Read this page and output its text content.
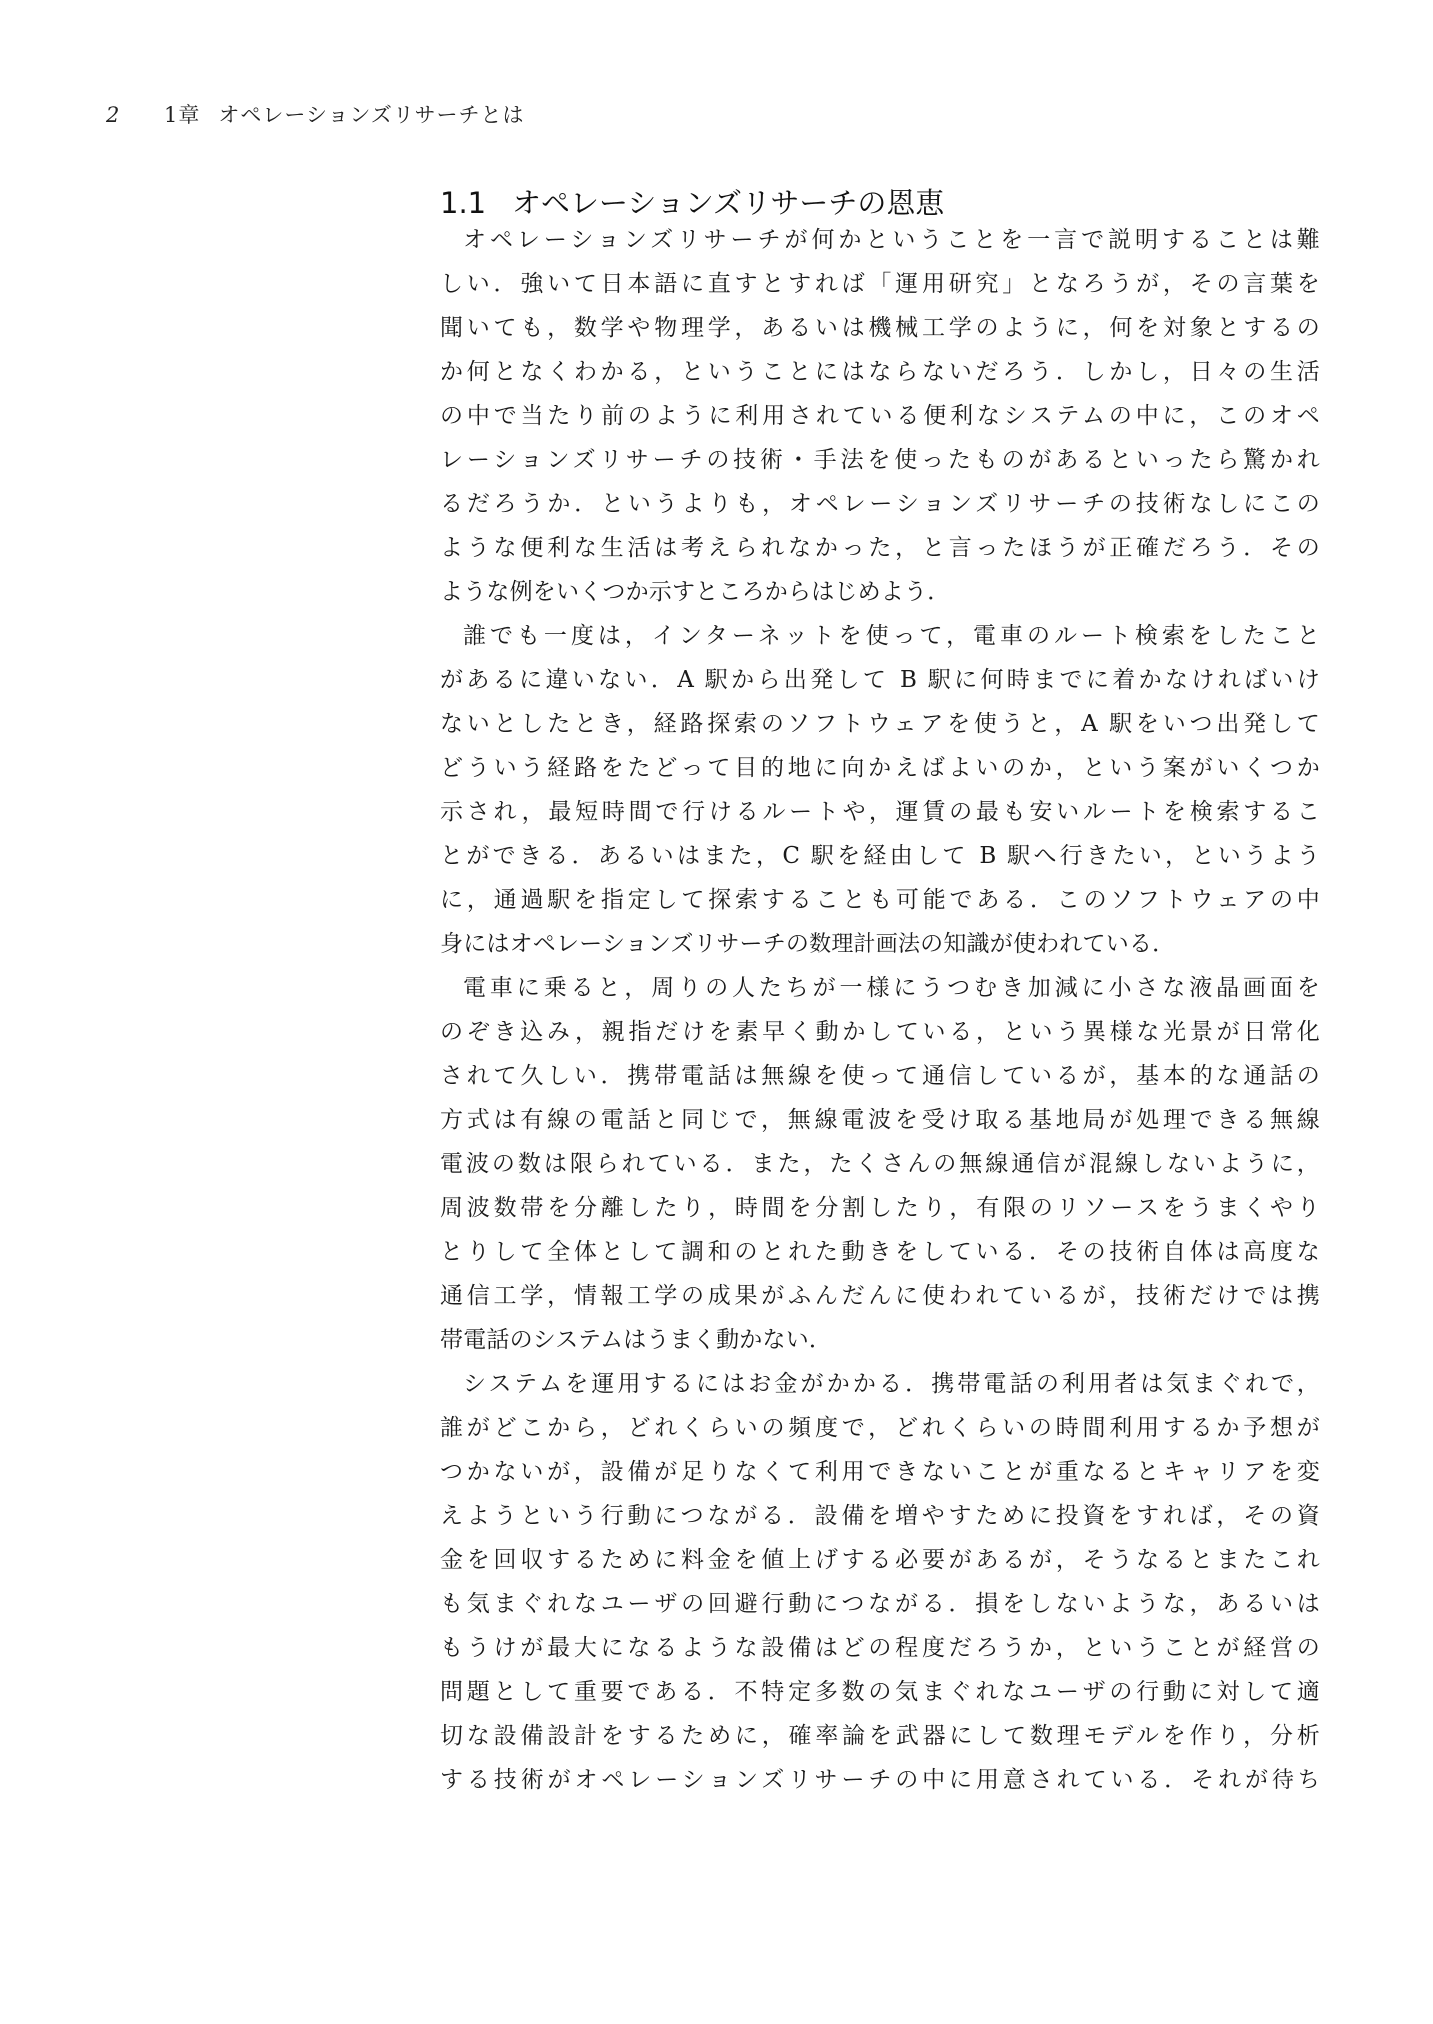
2 1章 オペレーションズリサーチとは
1.1 オペレーションズリサーチの恩恵
オペレーションズリサーチが何かということを一言で説明することは難
しい．強いて日本語に直すとすれば「運用研究」となろうが，その言葉を
聞いても，数学や物理学，あるいは機械工学のように，何を対象とするの
か何となくわかる，ということにはならないだろう．しかし，日々の生活
の中で当たり前のように利用されている便利なシステムの中に，このオペ
レーションズリサーチの技術・手法を使ったものがあるといったら驚かれ
るだろうか．というよりも，オペレーションズリサーチの技術なしにこの
ような便利な生活は考えられなかった，と言ったほうが正確だろう．その
ような例をいくつか示すところからはじめよう．
誰でも一度は，インターネットを使って，電車のルート検索をしたこと
があるに違いない．A 駅から出発して B 駅に何時までに着かなければいけ
ないとしたとき，経路探索のソフトウェアを使うと，A 駅をいつ出発して
どういう経路をたどって目的地に向かえばよいのか，という案がいくつか
示され，最短時間で行けるルートや，運賃の最も安いルートを検索するこ
とができる．あるいはまた，C 駅を経由して B 駅へ行きたい，というよう
に，通過駅を指定して探索することも可能である．このソフトウェアの中
身にはオペレーションズリサーチの数理計画法の知識が使われている．
電車に乗ると，周りの人たちが一様にうつむき加減に小さな液晶画面を
のぞき込み，親指だけを素早く動かしている，という異様な光景が日常化
されて久しい．携帯電話は無線を使って通信しているが，基本的な通話の
方式は有線の電話と同じで，無線電波を受け取る基地局が処理できる無線
電波の数は限られている．また，たくさんの無線通信が混線しないように，
周波数帯を分離したり，時間を分割したり，有限のリソースをうまくやり
とりして全体として調和のとれた動きをしている．その技術自体は高度な
通信工学，情報工学の成果がふんだんに使われているが，技術だけでは携
帯電話のシステムはうまく動かない．
システムを運用するにはお金がかかる．携帯電話の利用者は気まぐれで，
誰がどこから，どれくらいの頻度で，どれくらいの時間利用するか予想が
つかないが，設備が足りなくて利用できないことが重なるとキャリアを変
えようという行動につながる．設備を増やすために投資をすれば，その資
金を回収するために料金を値上げする必要があるが，そうなるとまたこれ
も気まぐれなユーザの回避行動につながる．損をしないような，あるいは
もうけが最大になるような設備はどの程度だろうか，ということが経営の
問題として重要である．不特定多数の気まぐれなユーザの行動に対して適
切な設備設計をするために，確率論を武器にして数理モデルを作り，分析
する技術がオペレーションズリサーチの中に用意されている．それが待ち
